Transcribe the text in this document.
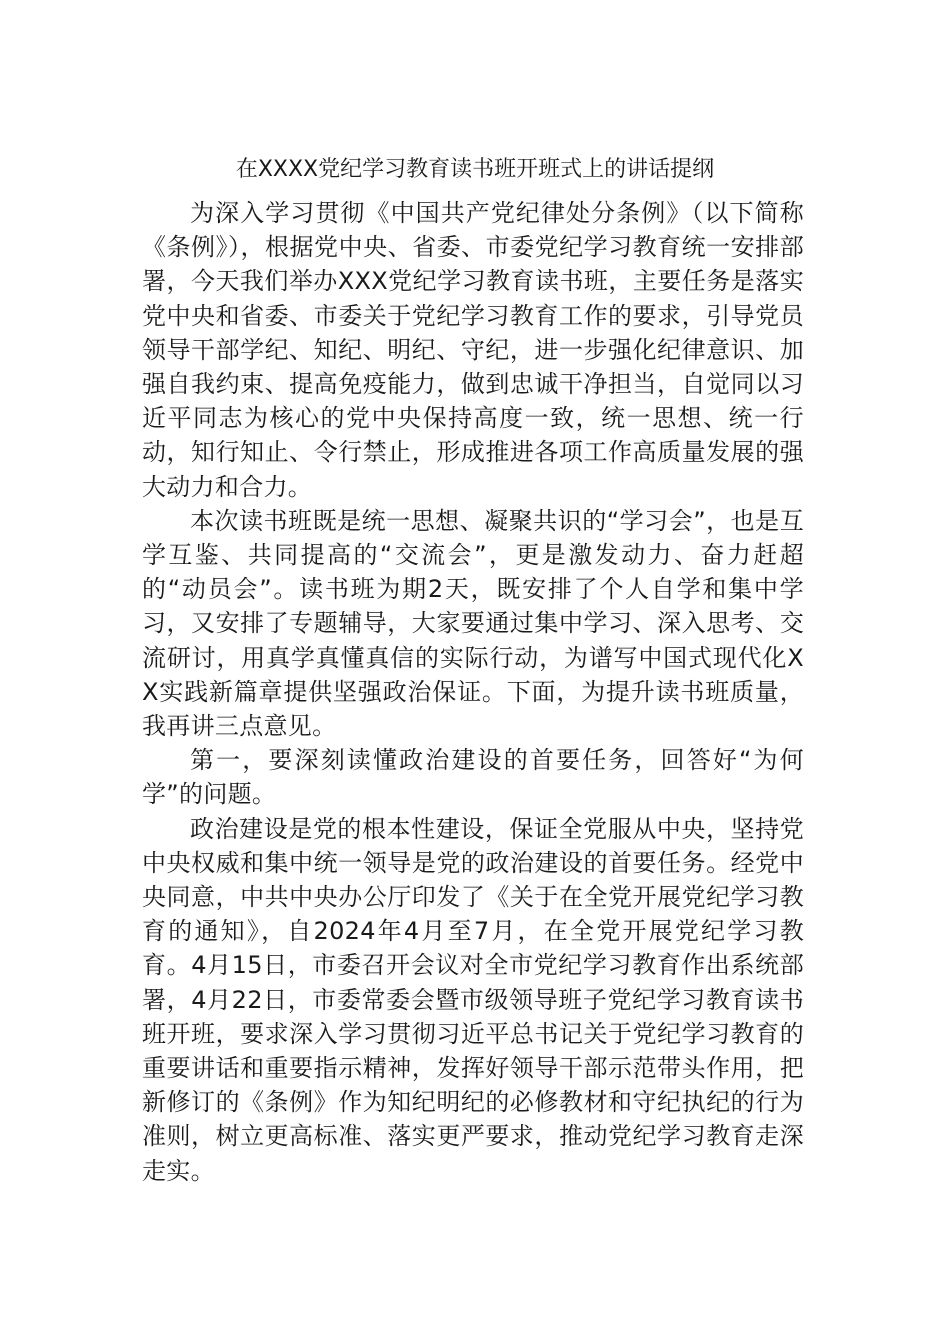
在XXXX党纪学习教育读书班开班式上的讲话提纲

为深入学习贯彻《中国共产党纪律处分条例》（以下简称《条例》），根据党中央、省委、市委党纪学习教育统一安排部署，今天我们举办XXX党纪学习教育读书班，主要任务是落实党中央和省委、市委关于党纪学习教育工作的要求，引导党员领导干部学纪、知纪、明纪、守纪，进一步强化纪律意识、加强自我约束、提高免疫能力，做到忠诚干净担当，自觉同以习近平同志为核心的党中央保持高度一致，统一思想、统一行动，知行知止、令行禁止，形成推进各项工作高质量发展的强大动力和合力。

本次读书班既是统一思想、凝聚共识的“学习会”，也是互学互鉴、共同提高的“交流会”，更是激发动力、奋力赶超的“动员会”。读书班为期2天，既安排了个人自学和集中学习，又安排了专题辅导，大家要通过集中学习、深入思考、交流研讨，用真学真懂真信的实际行动，为谱写中国式现代化XX实践新篇章提供坚强政治保证。下面，为提升读书班质量，我再讲三点意见。

第一，要深刻读懂政治建设的首要任务，回答好“为何学”的问题。

政治建设是党的根本性建设，保证全党服从中央，坚持党中央权威和集中统一领导是党的政治建设的首要任务。经党中央同意，中共中央办公厅印发了《关于在全党开展党纪学习教育的通知》，自2024年4月至7月，在全党开展党纪学习教育。4月15日，市委召开会议对全市党纪学习教育作出系统部署，4月22日，市委常委会暨市级领导班子党纪学习教育读书班开班，要求深入学习贯彻习近平总书记关于党纪学习教育的重要讲话和重要指示精神，发挥好领导干部示范带头作用，把新修订的《条例》作为知纪明纪的必修教材和守纪执纪的行为准则，树立更高标准、落实更严要求，推动党纪学习教育走深走实。
